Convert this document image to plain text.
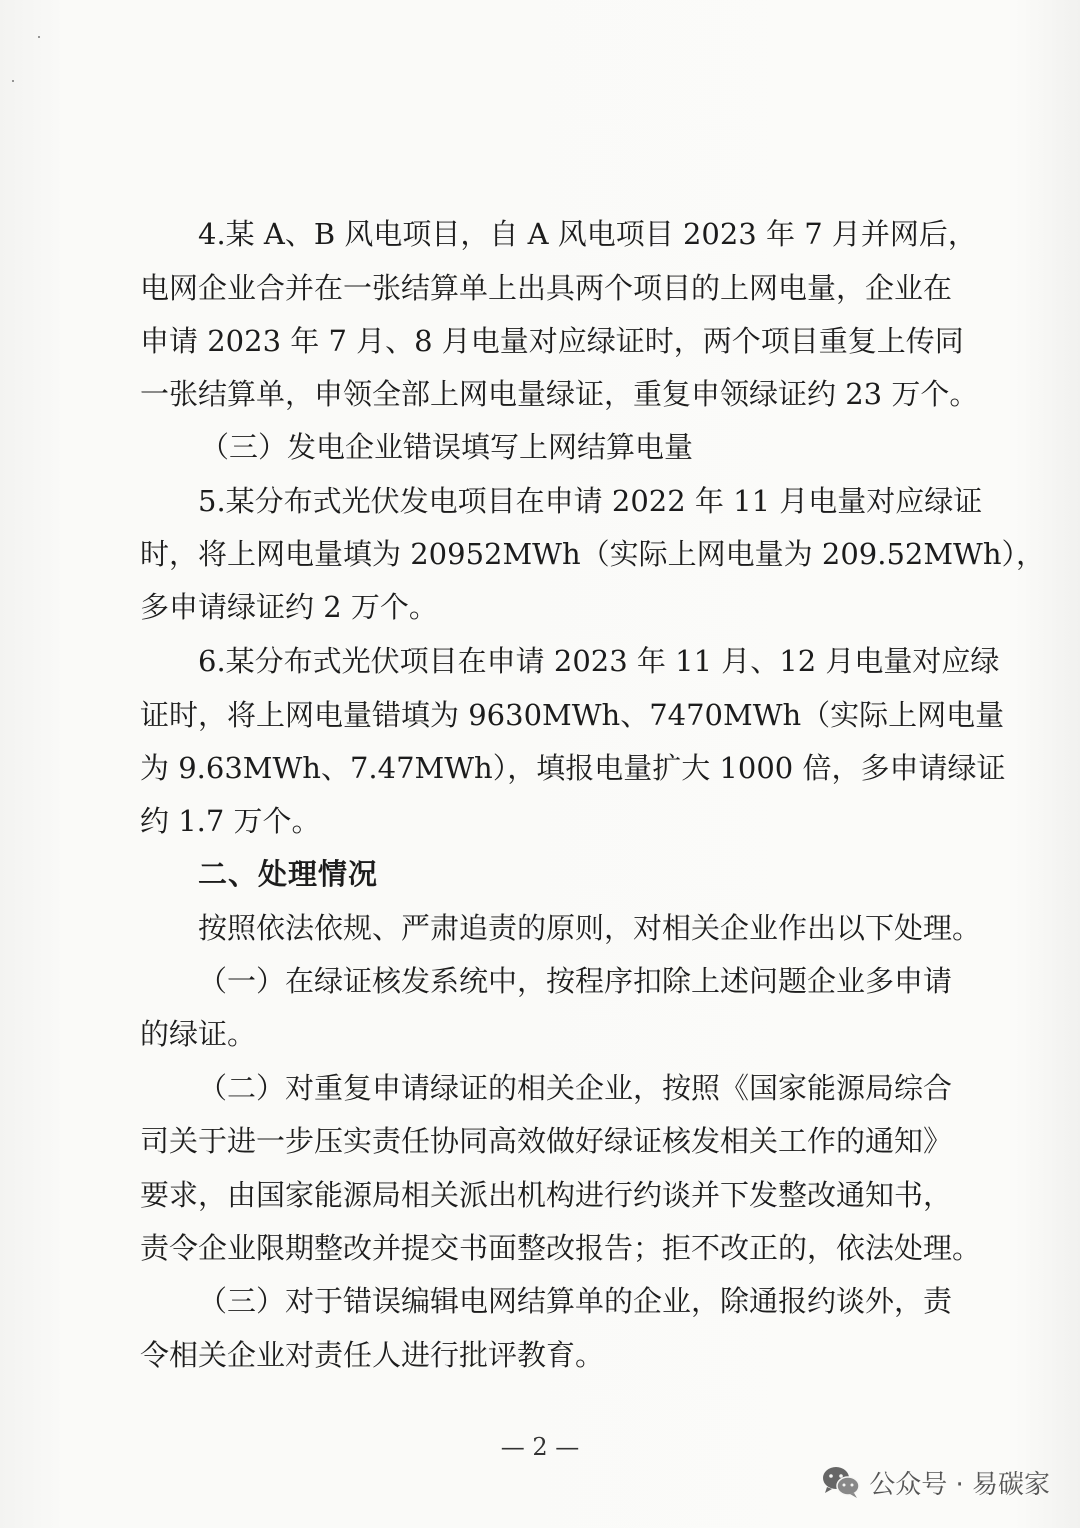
4.某 A、B 风电项目，自 A 风电项目 2023 年 7 月并网后，
电网企业合并在一张结算单上出具两个项目的上网电量，企业在
申请 2023 年 7 月、8 月电量对应绿证时，两个项目重复上传同
一张结算单，申领全部上网电量绿证，重复申领绿证约 23 万个。
（三）发电企业错误填写上网结算电量
5.某分布式光伏发电项目在申请 2022 年 11 月电量对应绿证
时，将上网电量填为 20952MWh（实际上网电量为 209.52MWh），
多申请绿证约 2 万个。
6.某分布式光伏项目在申请 2023 年 11 月、12 月电量对应绿
证时，将上网电量错填为 9630MWh、7470MWh（实际上网电量
为 9.63MWh、7.47MWh），填报电量扩大 1000 倍，多申请绿证
约 1.7 万个。
二、处理情况
按照依法依规、严肃追责的原则，对相关企业作出以下处理。
（一）在绿证核发系统中，按程序扣除上述问题企业多申请
的绿证。
（二）对重复申请绿证的相关企业，按照《国家能源局综合
司关于进一步压实责任协同高效做好绿证核发相关工作的通知》
要求，由国家能源局相关派出机构进行约谈并下发整改通知书，
责令企业限期整改并提交书面整改报告；拒不改正的，依法处理。
（三）对于错误编辑电网结算单的企业，除通报约谈外，责
令相关企业对责任人进行批评教育。
— 2 —
公众号 · 易碳家
